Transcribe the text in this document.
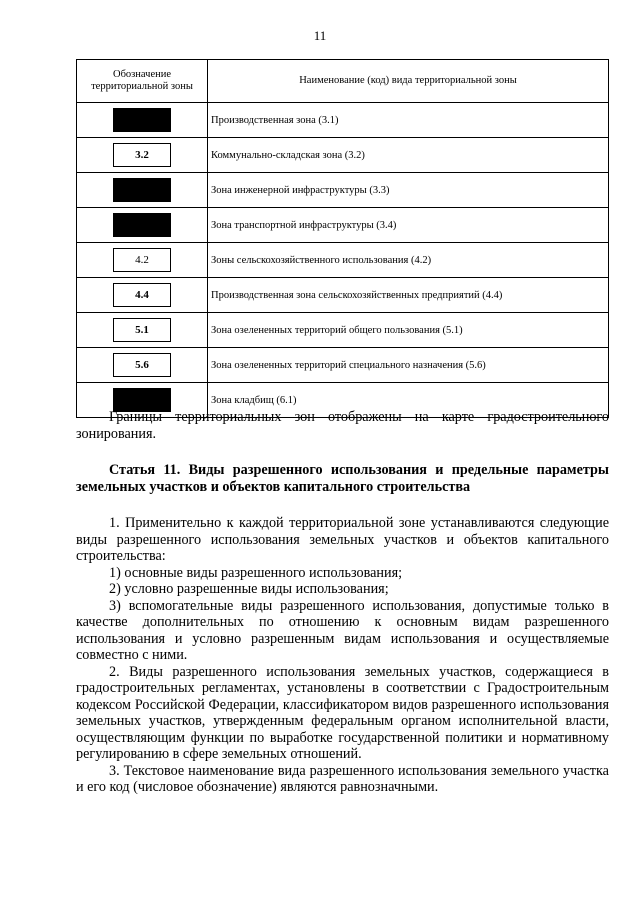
11
Обозначение территориальной зоны	Наименование (код) вида территориальной зоны

	Производственная зона (3.1)

3.2	Коммунально-складская зона (3.2)

	Зона инженерной инфраструктуры (3.3)

	Зона транспортной инфраструктуры (3.4)

4.2	Зоны сельскохозяйственного использования (4.2)

4.4	Производственная зона сельскохозяйственных предприятий (4.4)

5.1	Зона озелененных территорий общего пользования (5.1)

5.6	Зона озелененных территорий специального назначения (5.6)

	Зона кладбищ (6.1)

Границы территориальных зон отображены на карте градостроительного зонирования.

Статья 11. Виды разрешенного использования и предельные параметры земельных участков и объектов капитального строительства

1. Применительно к каждой территориальной зоне устанавливаются следующие виды разрешенного использования земельных участков и объектов капитального строительства:

1) основные виды разрешенного использования;

2) условно разрешенные виды использования;

3) вспомогательные виды разрешенного использования, допустимые только в качестве дополнительных по отношению к основным видам разрешенного использования и условно разрешенным видам использования и осуществляемые совместно с ними.

2. Виды разрешенного использования земельных участков, содержащиеся в градостроительных регламентах, установлены в соответствии с Градостроительным кодексом Российской Федерации, классификатором видов разрешенного использования земельных участков, утвержденным федеральным органом исполнительной власти, осуществляющим функции по выработке государственной политики и нормативному регулированию в сфере земельных отношений.

3. Текстовое наименование вида разрешенного использования земельного участка и его код (числовое обозначение) являются равнозначными.
